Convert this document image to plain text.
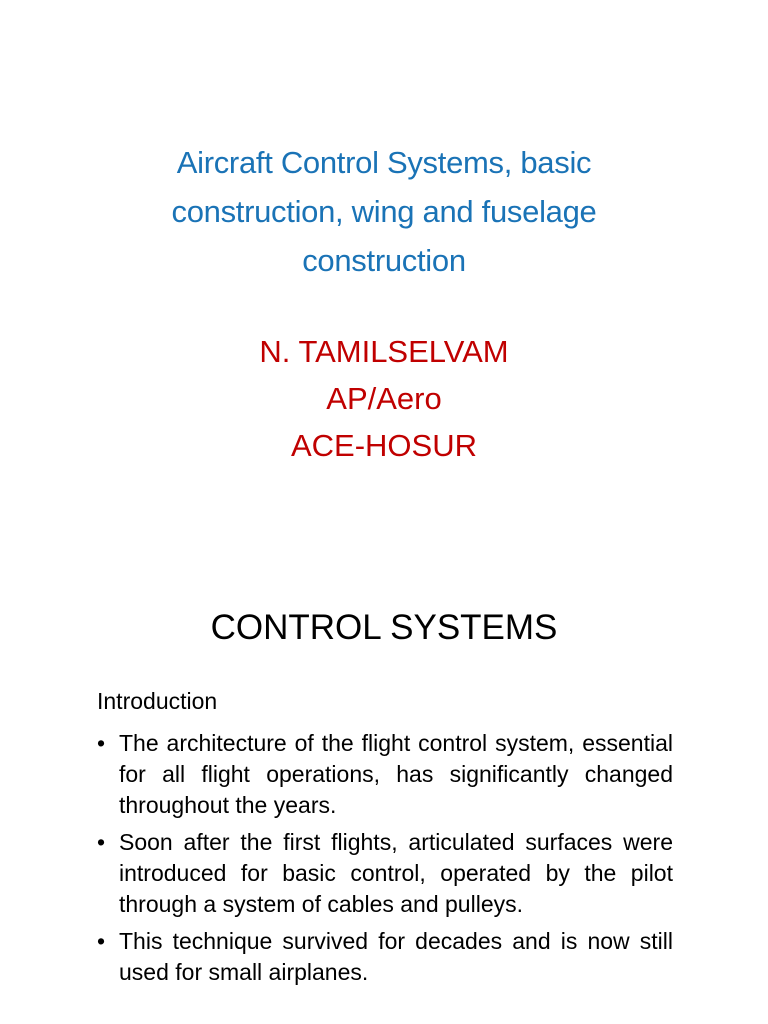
Aircraft Control Systems, basic
construction, wing and fuselage
construction
N. TAMILSELVAM
AP/Aero
ACE-HOSUR
CONTROL SYSTEMS

Introduction

• The architecture of the flight control system, essential for all flight operations, has significantly changed throughout the years.
• Soon after the first flights, articulated surfaces were introduced for basic control, operated by the pilot through a system of cables and pulleys.
• This technique survived for decades and is now still used for small airplanes.
